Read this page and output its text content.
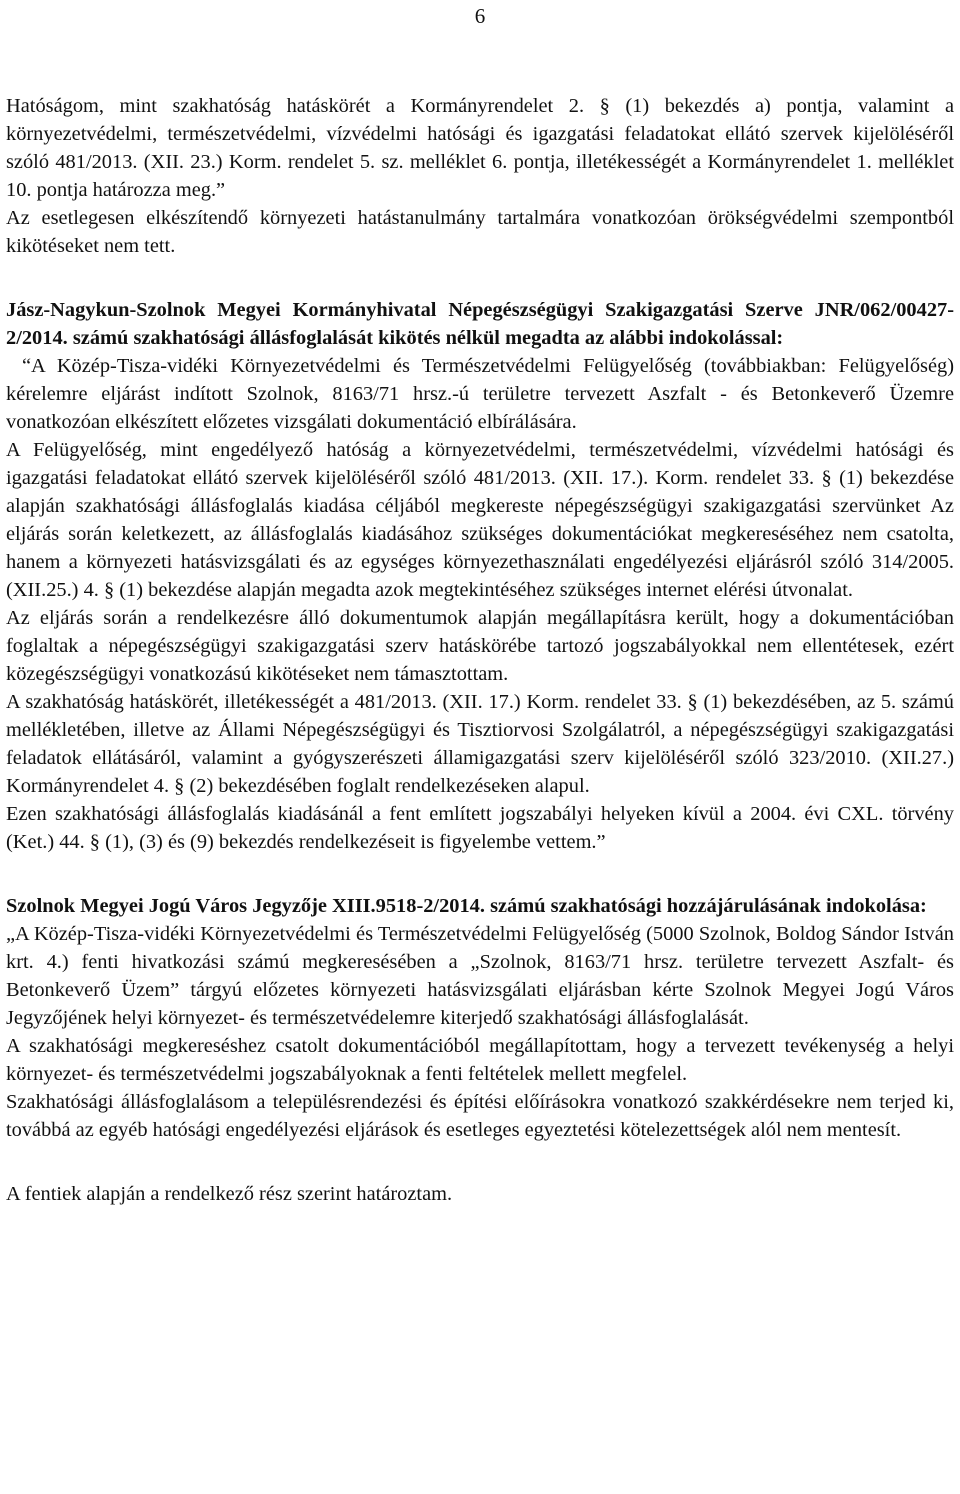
6

Hatóságom, mint szakhatóság hatáskörét a Kormányrendelet 2. § (1) bekezdés a) pontja, valamint a környezetvédelmi, természetvédelmi, vízvédelmi hatósági és igazgatási feladatokat ellátó szervek kijelöléséről szóló 481/2013. (XII. 23.) Korm. rendelet 5. sz. melléklet 6. pontja, illetékességét a Kormányrendelet 1. melléklet 10. pontja határozza meg.”

Az esetlegesen elkészítendő környezeti hatástanulmány tartalmára vonatkozóan örökségvédelmi szempontból kikötéseket nem tett.

Jász-Nagykun-Szolnok Megyei Kormányhivatal Népegészségügyi Szakigazgatási Szerve JNR/062/00427-2/2014. számú szakhatósági állásfoglalását kikötés nélkül megadta az alábbi indokolással:

“A Közép-Tisza-vidéki Környezetvédelmi és Természetvédelmi Felügyelőség (továbbiakban: Felügyelőség) kérelemre eljárást indított Szolnok, 8163/71 hrsz.-ú területre tervezett Aszfalt - és Betonkeverő Üzemre vonatkozóan elkészített előzetes vizsgálati dokumentáció elbírálására.

A Felügyelőség, mint engedélyező hatóság a környezetvédelmi, természetvédelmi, vízvédelmi hatósági és igazgatási feladatokat ellátó szervek kijelöléséről szóló 481/2013. (XII. 17.). Korm. rendelet 33. § (1) bekezdése alapján szakhatósági állásfoglalás kiadása céljából megkereste népegészségügyi szakigazgatási szervünket Az eljárás során keletkezett, az állásfoglalás kiadásához szükséges dokumentációkat megkereséséhez nem csatolta, hanem a környezeti hatásvizsgálati és az egységes környezethasználati engedélyezési eljárásról szóló 314/2005. (XII.25.) 4. § (1) bekezdése alapján megadta azok megtekintéséhez szükséges internet elérési útvonalat.

Az eljárás során a rendelkezésre álló dokumentumok alapján megállapításra került, hogy a dokumentációban foglaltak a népegészségügyi szakigazgatási szerv hatáskörébe tartozó jogszabályokkal nem ellentétesek, ezért közegészségügyi vonatkozású kikötéseket nem támasztottam.

A szakhatóság hatáskörét, illetékességét a 481/2013. (XII. 17.) Korm. rendelet 33. § (1) bekezdésében, az 5. számú mellékletében, illetve az Állami Népegészségügyi és Tisztiorvosi Szolgálatról, a népegészségügyi szakigazgatási feladatok ellátásáról, valamint a gyógyszerészeti államigazgatási szerv kijelöléséről szóló 323/2010. (XII.27.) Kormányrendelet 4. § (2) bekezdésében foglalt rendelkezéseken alapul.

Ezen szakhatósági állásfoglalás kiadásánál a fent említett jogszabályi helyeken kívül a 2004. évi CXL. törvény (Ket.) 44. § (1), (3) és (9) bekezdés rendelkezéseit is figyelembe vettem.”

Szolnok Megyei Jogú Város Jegyzője XIII.9518-2/2014. számú szakhatósági hozzájárulásának indokolása:

„A Közép-Tisza-vidéki Környezetvédelmi és Természetvédelmi Felügyelőség (5000 Szolnok, Boldog Sándor István krt. 4.) fenti hivatkozási számú megkeresésében a „Szolnok, 8163/71 hrsz. területre tervezett Aszfalt- és Betonkeverő Üzem” tárgyú előzetes környezeti hatásvizsgálati eljárásban kérte Szolnok Megyei Jogú Város Jegyzőjének helyi környezet- és természetvédelemre kiterjedő szakhatósági állásfoglalását.

A szakhatósági megkereséshez csatolt dokumentációból megállapítottam, hogy a tervezett tevékenység a helyi környezet- és természetvédelmi jogszabályoknak a fenti feltételek mellett megfelel.

Szakhatósági állásfoglalásom a településrendezési és építési előírásokra vonatkozó szakkérdésekre nem terjed ki, továbbá az egyéb hatósági engedélyezési eljárások és esetleges egyeztetési kötelezettségek alól nem mentesít.

A fentiek alapján a rendelkező rész szerint határoztam.
